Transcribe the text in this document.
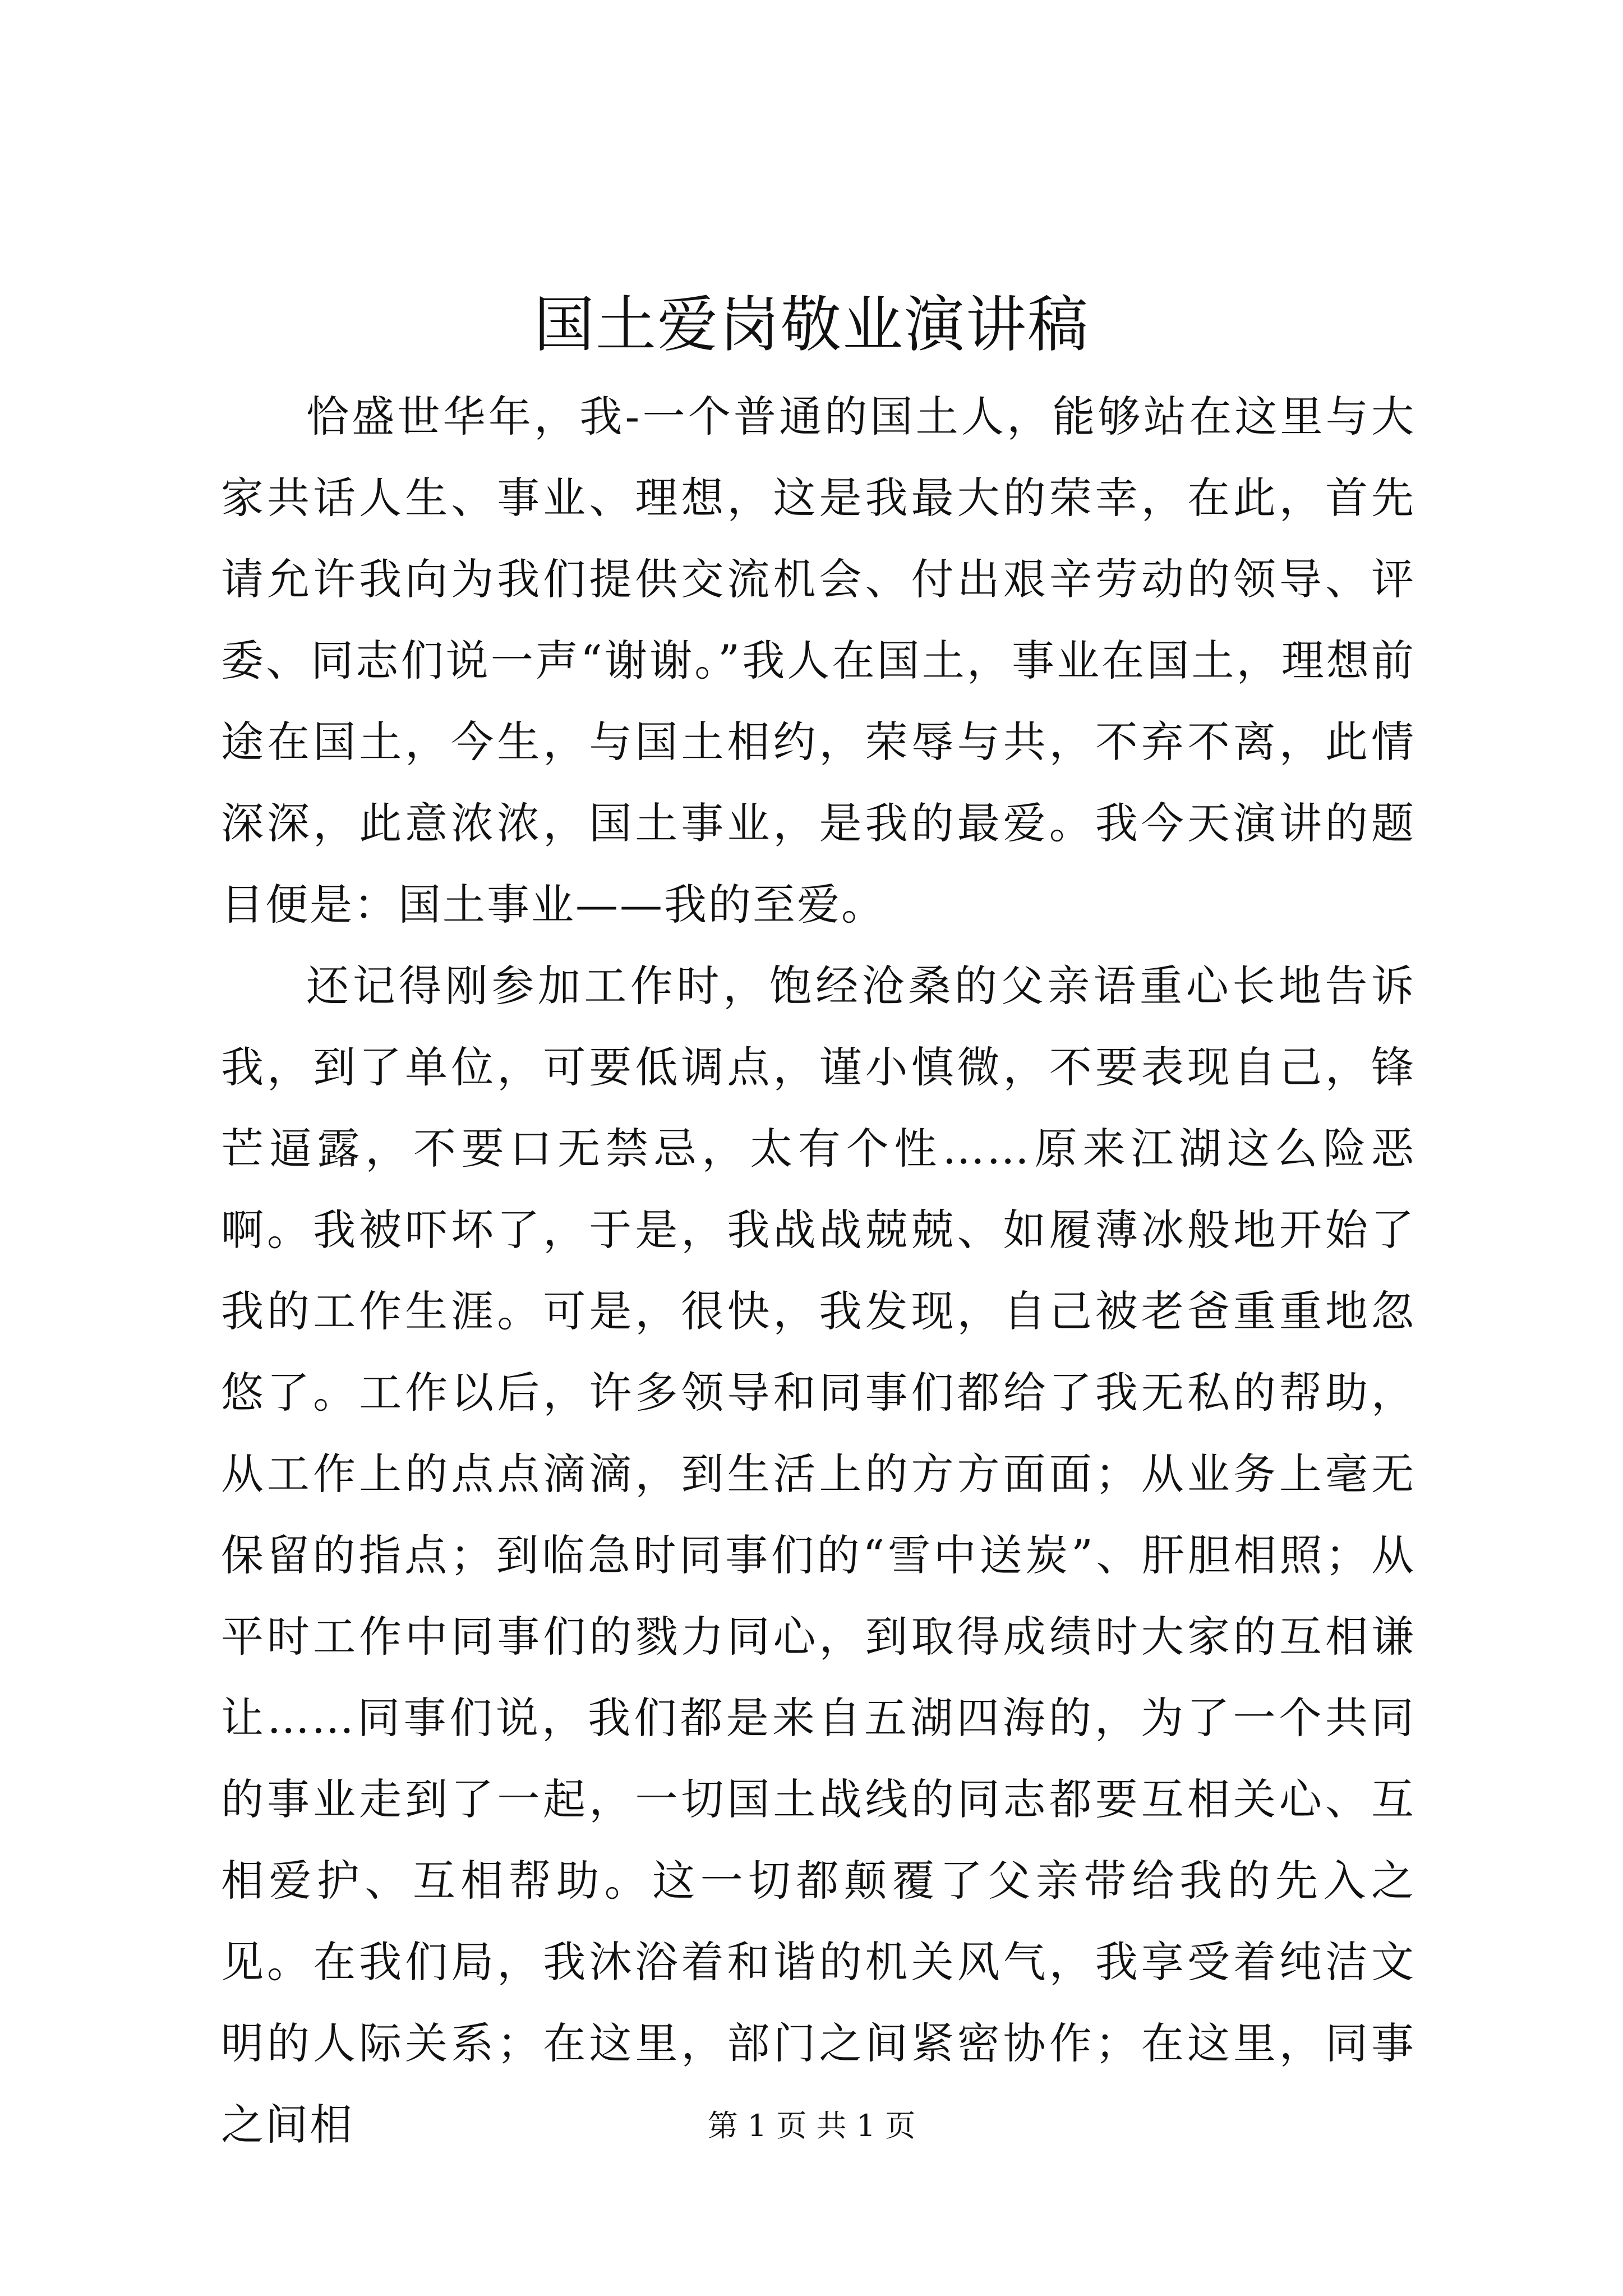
国土爱岗敬业演讲稿

恰盛世华年，我-一个普通的国土人，能够站在这里与大家共话人生、事业、理想，这是我最大的荣幸，在此，首先请允许我向为我们提供交流机会、付出艰辛劳动的领导、评委、同志们说一声“谢谢。”我人在国土，事业在国土，理想前途在国土，今生，与国土相约，荣辱与共，不弃不离，此情深深，此意浓浓，国土事业，是我的最爱。我今天演讲的题目便是：国土事业——我的至爱。

还记得刚参加工作时，饱经沧桑的父亲语重心长地告诉我，到了单位，可要低调点，谨小慎微，不要表现自己，锋芒逼露，不要口无禁忌，太有个性……原来江湖这么险恶啊。我被吓坏了，于是，我战战兢兢、如履薄冰般地开始了我的工作生涯。可是，很快，我发现，自己被老爸重重地忽悠了。工作以后，许多领导和同事们都给了我无私的帮助，从工作上的点点滴滴，到生活上的方方面面；从业务上毫无保留的指点；到临急时同事们的“雪中送炭”、肝胆相照；从平时工作中同事们的戮力同心，到取得成绩时大家的互相谦让……同事们说，我们都是来自五湖四海的，为了一个共同的事业走到了一起，一切国土战线的同志都要互相关心、互相爱护、互相帮助。这一切都颠覆了父亲带给我的先入之见。在我们局，我沐浴着和谐的机关风气，我享受着纯洁文明的人际关系；在这里，部门之间紧密协作；在这里，同事之间相	第 1 页 共 1 页
